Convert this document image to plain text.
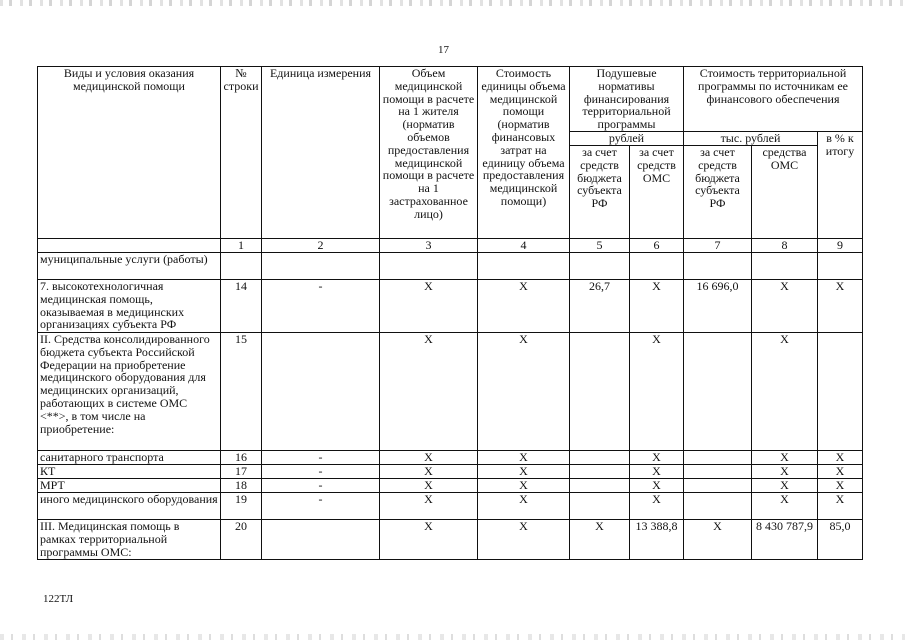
17
Виды и условия оказания медицинской помощи	№ строки	Единица измерения	Объем медицинской помощи в расчете на 1 жителя (норматив объемов предоставления медицинской помощи в расчете на 1 застрахованное лицо)	Стоимость единицы объема медицинской помощи (норматив финансовых затрат на единицу объема предоставления медицинской помощи)	Подушевые нормативы финансирования территориальной программы		Стоимость территориальной программы по источникам ее финансового обеспечения		
					рублей		тыс. рублей		в % к итогу
					за счет средств бюджета субъекта РФ	за счет средств ОМС	за счет средств бюджета субъекта РФ	средства ОМС	
	1	2	3	4	5	6	7	8	9
муниципальные услуги (работы)									
7. высокотехнологичная медицинская помощь, оказываемая в медицинских организациях субъекта РФ	14	-	X	X	26,7	X	16 696,0	X	X
II. Средства консолидированного бюджета субъекта Российской Федерации на приобретение медицинского оборудования для медицинских организаций, работающих в системе ОМС <**>, в том числе на приобретение:	15		X	X		X		X	
санитарного транспорта	16	-	X	X		X		X	X
КТ	17	-	X	X		X		X	X
МРТ	18	-	X	X		X		X	X
иного медицинского оборудования	19	-	X	X		X		X	X
III. Медицинская помощь в рамках территориальной программы ОМС:	20		X	X	X	13 388,8	X	8 430 787,9	85,0
122ТЛ
